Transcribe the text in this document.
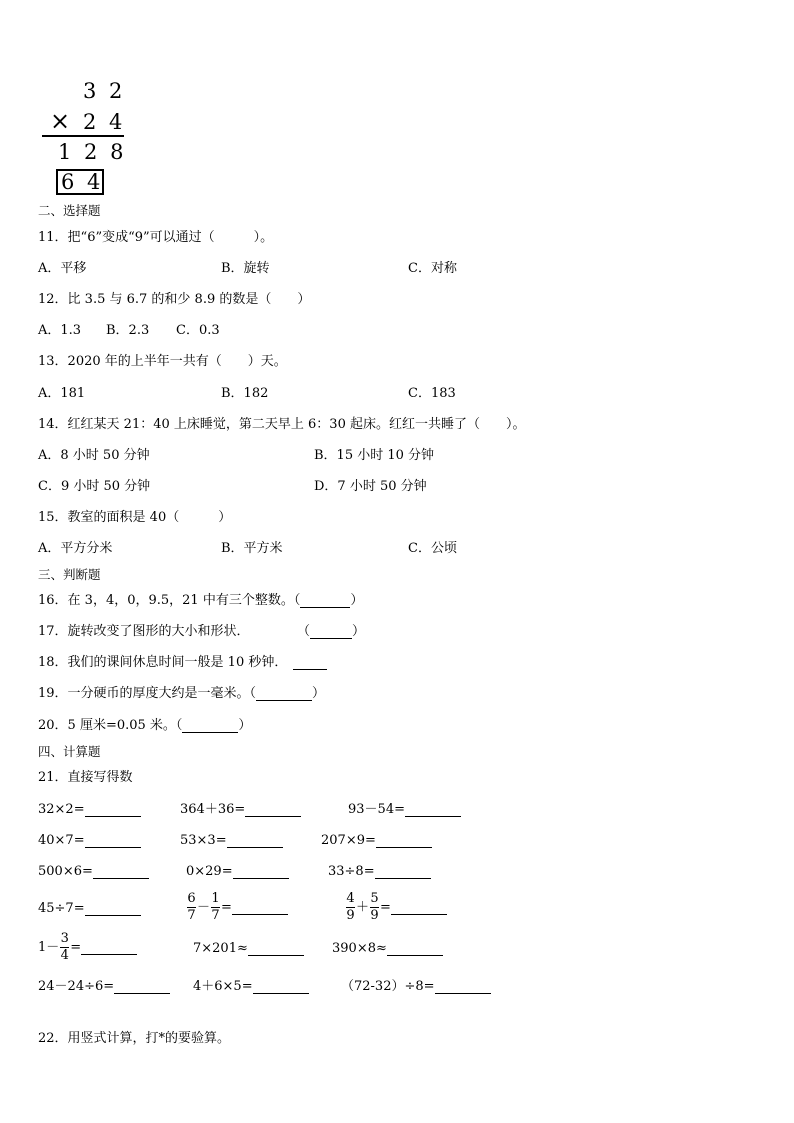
3 2
× 2 4
1 2 8
6 4
二、选择题
11．把“6”变成“9”可以通过（　　　）。
A．平移	B．旋转	C．对称
12．比 3.5 与 6.7 的和少 8.9 的数是（　　）
A．1.3 B．2.3 C．0.3
13．2020 年的上半年一共有（　　）天。
A．181	B．182	C．183
14．红红某天 21：40 上床睡觉，第二天早上 6：30 起床。红红一共睡了（　　）。
A．8 小时 50 分钟	B．15 小时 10 分钟
C．9 小时 50 分钟	D．7 小时 50 分钟
15．教室的面积是 40（　　　）
A．平方分米	B．平方米	C．公顷
三、判断题
16．在 3，4，0，9.5，21 中有三个整数。（	）
17．旋转改变了图形的大小和形状．	（	）
18．我们的课间休息时间一般是 10 秒钟．
19．一分硬币的厚度大约是一毫米。（	）
20．5 厘米=0.05 米。（	）
四、计算题
21．直接写得数
32×2=	364＋36=	93－54=
40×7=	53×3=	207×9=
500×6=	0×29=	33÷8=
45÷7=	$\frac{6}{7} - \frac{1}{7}$ =	$\frac{4}{9} + \frac{5}{9}$ =
$1- \frac{3}{4}$ =	7×201≈	390×8≈
24－24÷6=	4＋6×5=	（72-32）÷8=
22．用竖式计算，打*的要验算。
